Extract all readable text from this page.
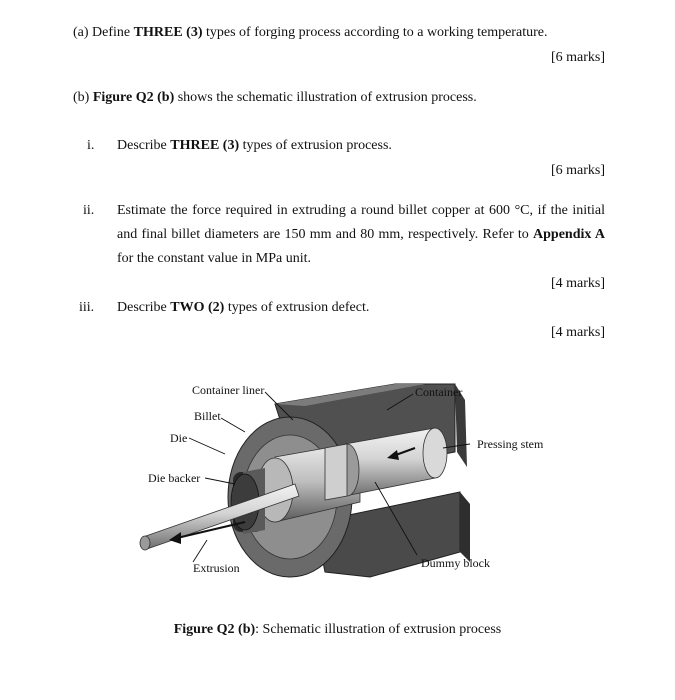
(a) Define THREE (3) types of forging process according to a working temperature.
[6 marks]
(b) Figure Q2 (b) shows the schematic illustration of extrusion process.
i. Describe THREE (3) types of extrusion process.
[6 marks]
ii. Estimate the force required in extruding a round billet copper at 600 °C, if the initial
and final billet diameters are 150 mm and 80 mm, respectively. Refer to Appendix A
for the constant value in MPa unit.
[4 marks]
iii. Describe TWO (2) types of extrusion defect.
[4 marks]
Container liner	Container
Billet
Die	Pressing stem
Die backer
Extrusion	Dummy block
Figure Q2 (b): Schematic illustration of extrusion process
